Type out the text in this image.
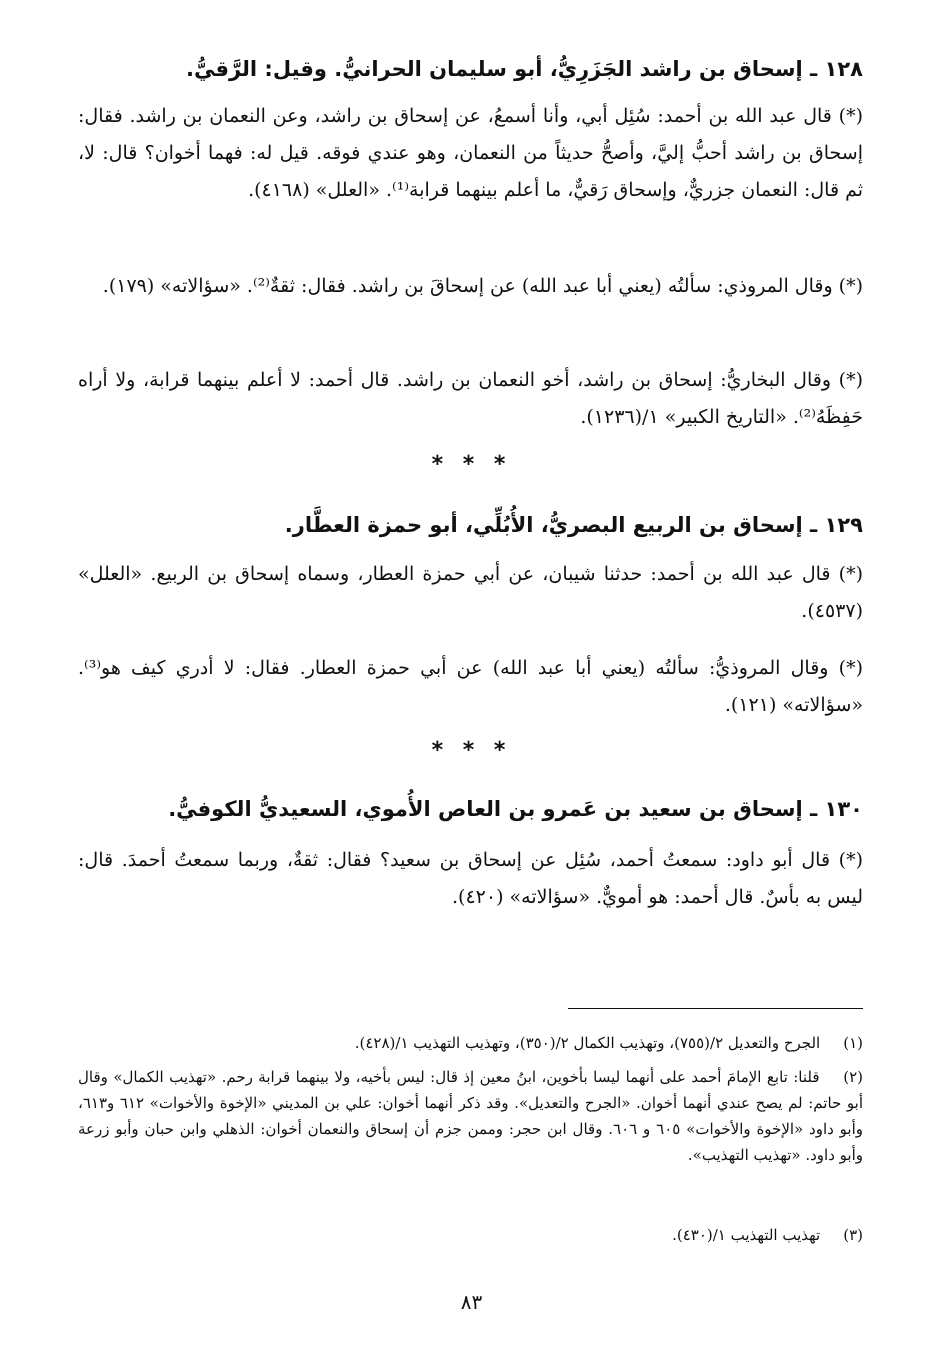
١٢٨ ـ إسحاق بن راشد الجَزَرِيُّ، أبو سليمان الحرانيُّ. وقيل: الرَّقيُّ.
(*) قال عبد الله بن أحمد: سُئِل أبي، وأنا أسمعُ، عن إسحاق بن راشد، وعن النعمان بن راشد. فقال: إسحاق بن راشد أحبُّ إليَّ، وأصحُّ حديثاً من النعمان، وهو عندي فوقه. قيل له: فهما أخوان؟ قال: لا، ثم قال: النعمان جزريٌّ، وإسحاق رَقيٌّ، ما أعلم بينهما قرابة⁽¹⁾. «العلل» (٤١٦٨).
(*) وقال المروذي: سألتُه (يعني أبا عبد الله) عن إسحاقَ بن راشد. فقال: ثقةٌ⁽²⁾. «سؤالاته» (١٧٩).
(*) وقال البخاريُّ: إسحاق بن راشد، أخو النعمان بن راشد. قال أحمد: لا أعلم بينهما قرابة، ولا أراه حَفِظَهُ⁽²⁾. «التاريخ الكبير» ١/(١٢٣٦).
* * *
١٢٩ ـ إسحاق بن الربيع البصريُّ، الأُبُلِّي، أبو حمزة العطَّار.
(*) قال عبد الله بن أحمد: حدثنا شيبان، عن أبي حمزة العطار، وسماه إسحاق بن الربيع. «العلل» (٤٥٣٧).
(*) وقال المروذيُّ: سألتُه (يعني أبا عبد الله) عن أبي حمزة العطار. فقال: لا أدري كيف هو⁽³⁾. «سؤالاته» (١٢١).
* * *
١٣٠ ـ إسحاق بن سعيد بن عَمرو بن العاص الأُموي، السعيديُّ الكوفيُّ.
(*) قال أبو داود: سمعتُ أحمد، سُئِل عن إسحاق بن سعيد؟ فقال: ثقةٌ، وربما سمعتُ أحمدَ. قال: ليس به بأسٌ. قال أحمد: هو أمويٌّ. «سؤالاته» (٤٢٠).
(١) الجرح والتعديل ٢/(٧٥٥)، وتهذيب الكمال ٢/(٣٥٠)، وتهذيب التهذيب ١/(٤٢٨).
(٢) قلنا: تابع الإمامَ أحمد على أنهما ليسا بأخوين، ابنُ معين إذ قال: ليس بأخيه، ولا بينهما قرابة رحم. «تهذيب الكمال» وقال أبو حاتم: لم يصح عندي أنهما أخوان. «الجرح والتعديل». وقد ذكر أنهما أخوان: علي بن المديني «الإخوة والأخوات» ٦١٢ و٦١٣، وأبو داود «الإخوة والأخوات» ٦٠٥ و ٦٠٦. وقال ابن حجر: وممن جزم أن إسحاق والنعمان أخوان: الذهلي وابن حبان وأبو زرعة وأبو داود. «تهذيب التهذيب».
(٣) تهذيب التهذيب ١/(٤٣٠).
٨٣
